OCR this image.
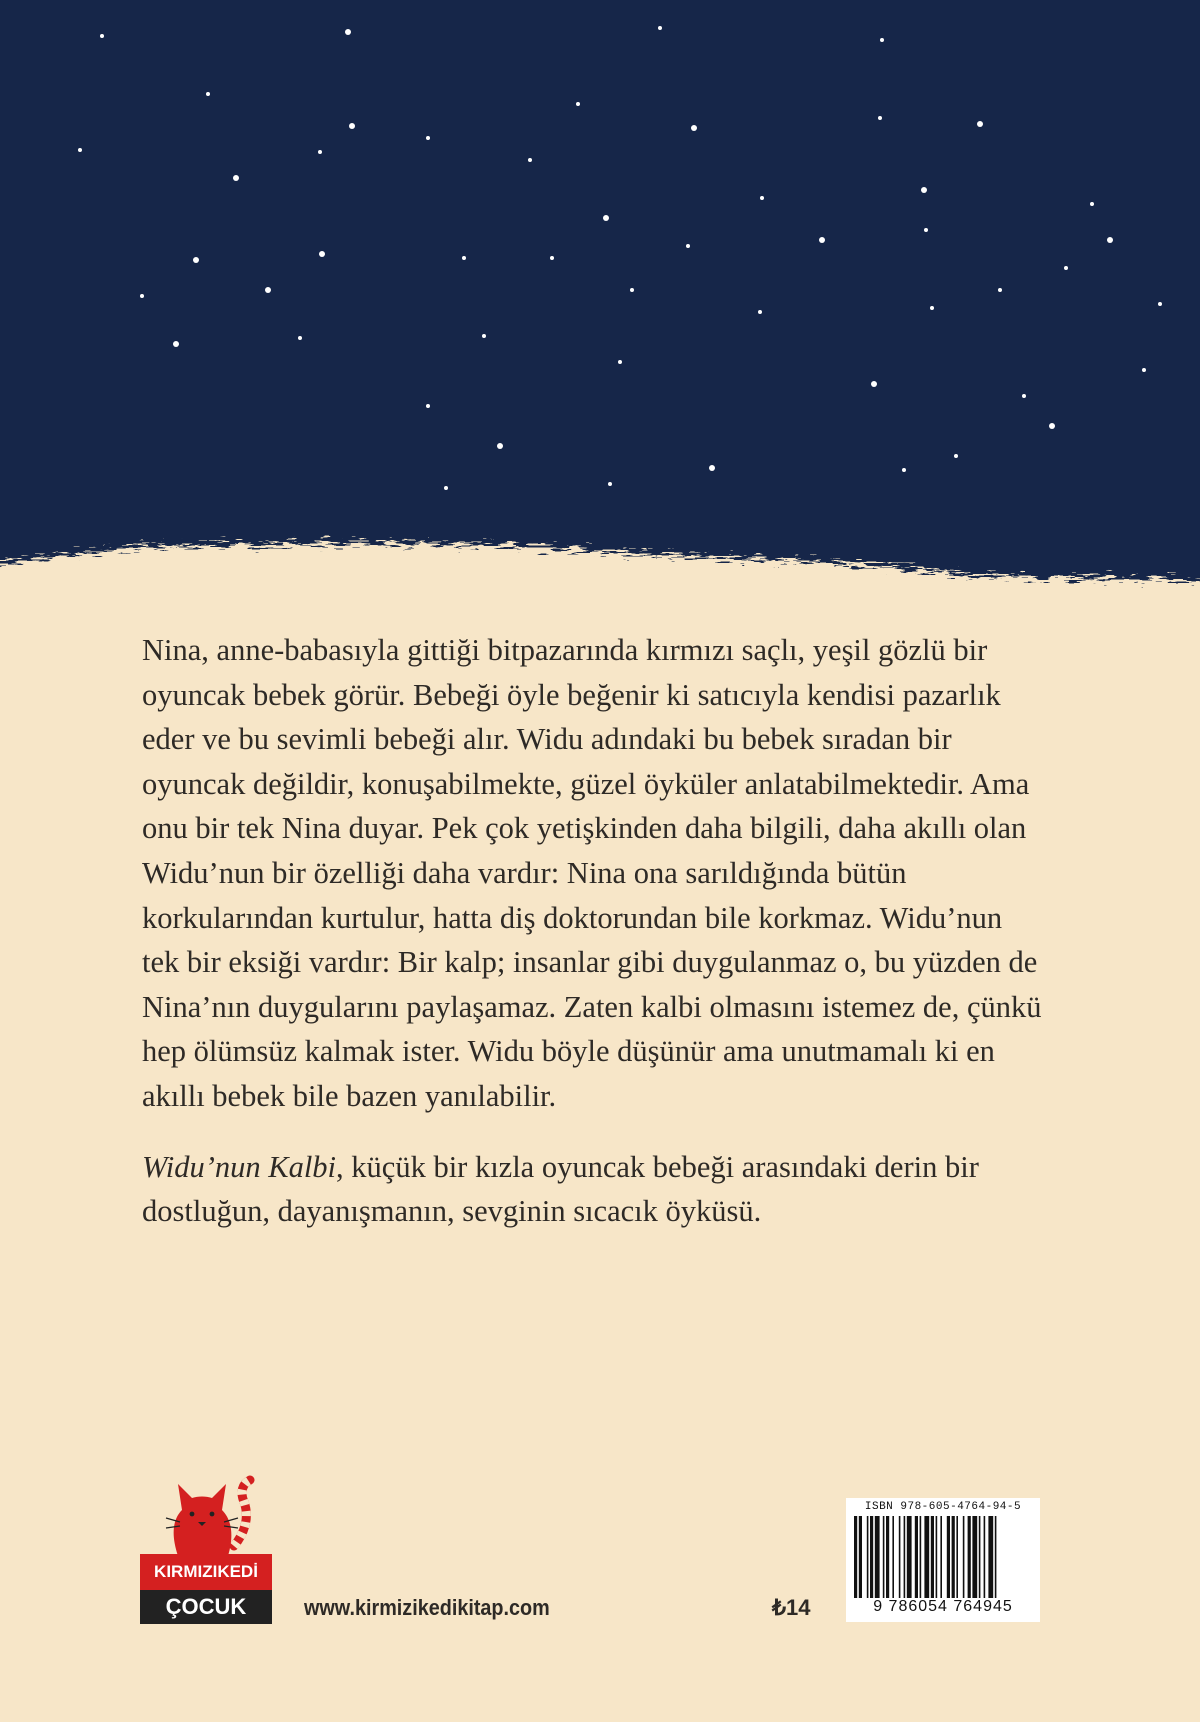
Nina, anne-babasıyla gittiği bitpazarında kırmızı saçlı, yeşil gözlü bir oyuncak bebek görür. Bebeği öyle beğenir ki satıcıyla kendisi pazarlık eder ve bu sevimli bebeği alır. Widu adındaki bu bebek sıradan bir oyuncak değildir, konuşabilmekte, güzel öyküler anlatabilmektedir. Ama onu bir tek Nina duyar. Pek çok yetişkinden daha bilgili, daha akıllı olan Widu’nun bir özelliği daha vardır: Nina ona sarıldığında bütün korkularından kurtulur, hatta diş doktorundan bile korkmaz. Widu’nun tek bir eksiği vardır: Bir kalp; insanlar gibi duygulanmaz o, bu yüzden de Nina’nın duygularını paylaşamaz. Zaten kalbi olmasını istemez de, çünkü hep ölümsüz kalmak ister. Widu böyle düşünür ama unutmamalı ki en akıllı bebek bile bazen yanılabilir.

Widu’nun Kalbi, küçük bir kızla oyuncak bebeği arasındaki derin bir dostluğun, dayanışmanın, sevginin sıcacık öyküsü.

KIRMIZIKEDİ
ÇOCUK	www.kirmizikedikitap.com	₺14
ISBN 978-605-4764-94-5
9 786054 764945
